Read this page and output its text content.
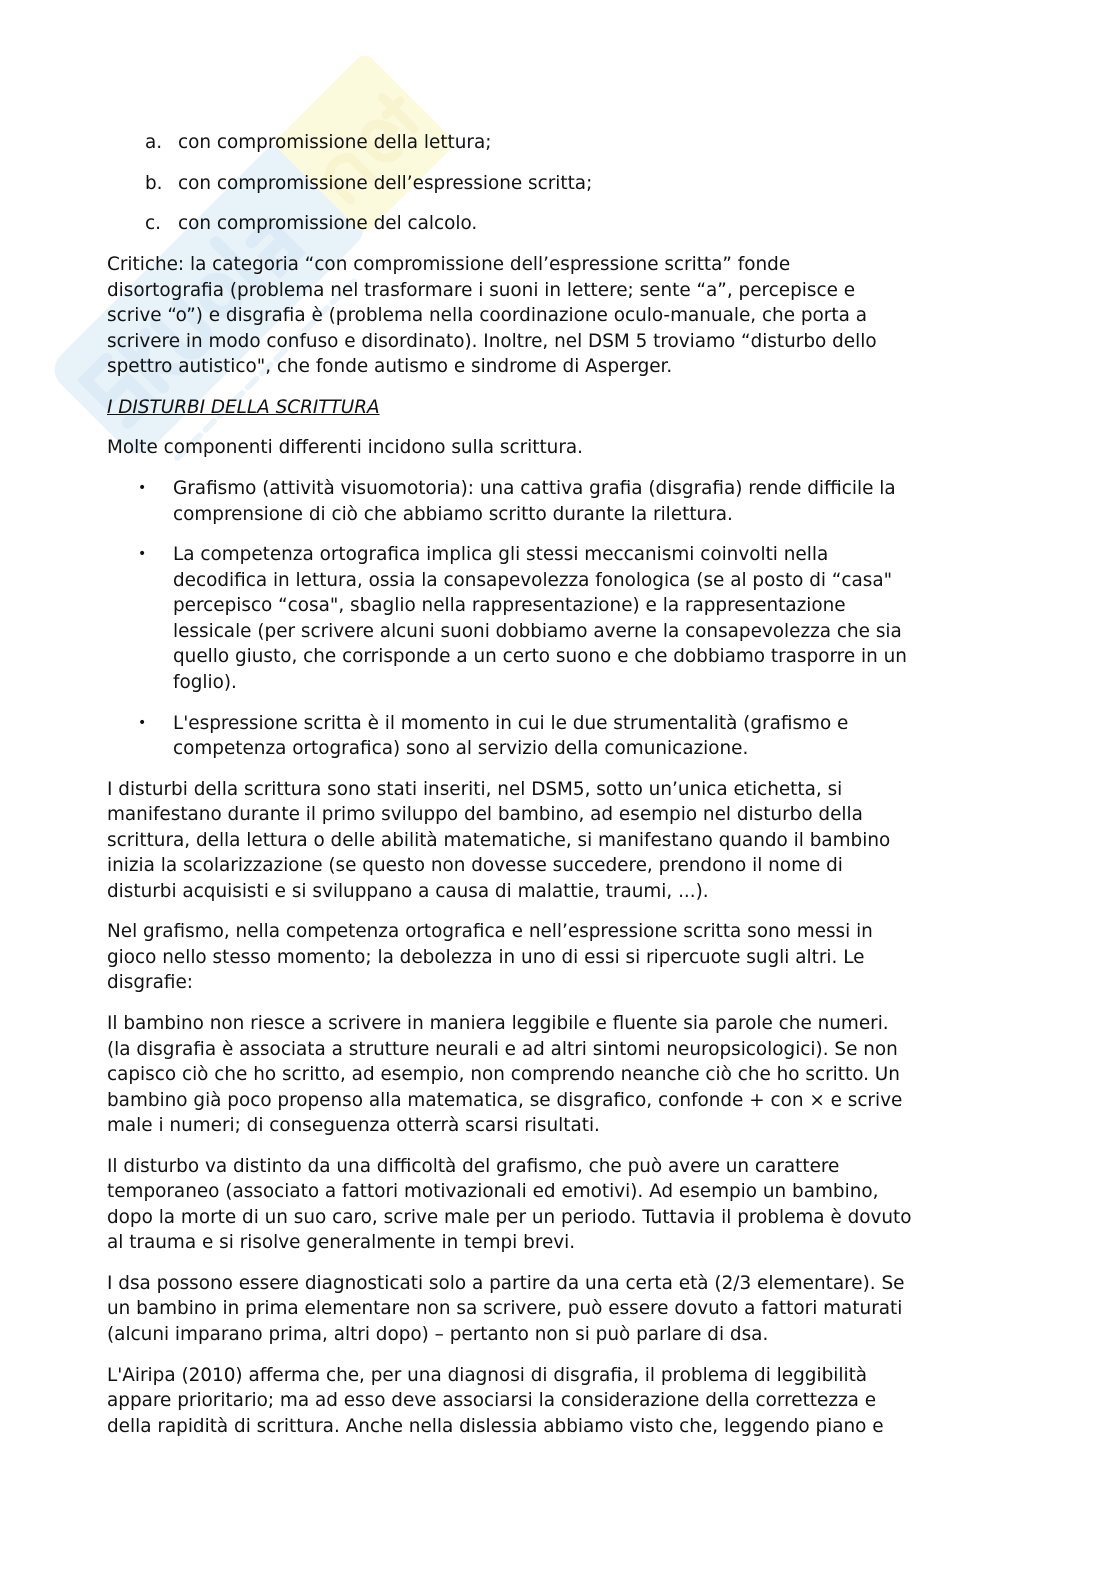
a. con compromissione della lettura;
b. con compromissione dell’espressione scritta;
c. con compromissione del calcolo.
Critiche: la categoria “con compromissione dell’espressione scritta” fonde
disortografia (problema nel trasformare i suoni in lettere; sente “a”, percepisce e
scrive “o”) e disgrafia è (problema nella coordinazione oculo-manuale, che porta a
scrivere in modo confuso e disordinato). Inoltre, nel DSM 5 troviamo “disturbo dello
spettro autistico", che fonde autismo e sindrome di Asperger.
I DISTURBI DELLA SCRITTURA
Molte componenti differenti incidono sulla scrittura.
•	Grafismo (attività visuomotoria): una cattiva grafia (disgrafia) rende difficile la
comprensione di ciò che abbiamo scritto durante la rilettura.
•	La competenza ortografica implica gli stessi meccanismi coinvolti nella
decodifica in lettura, ossia la consapevolezza fonologica (se al posto di “casa"
percepisco “cosa", sbaglio nella rappresentazione) e la rappresentazione
lessicale (per scrivere alcuni suoni dobbiamo averne la consapevolezza che sia
quello giusto, che corrisponde a un certo suono e che dobbiamo trasporre in un
foglio).
•	L'espressione scritta è il momento in cui le due strumentalità (grafismo e
competenza ortografica) sono al servizio della comunicazione.
I disturbi della scrittura sono stati inseriti, nel DSM5, sotto un’unica etichetta, si
manifestano durante il primo sviluppo del bambino, ad esempio nel disturbo della
scrittura, della lettura o delle abilità matematiche, si manifestano quando il bambino
inizia la scolarizzazione (se questo non dovesse succedere, prendono il nome di
disturbi acquisisti e si sviluppano a causa di malattie, traumi, ...).
Nel grafismo, nella competenza ortografica e nell’espressione scritta sono messi in
gioco nello stesso momento; la debolezza in uno di essi si ripercuote sugli altri. Le
disgrafie:
Il bambino non riesce a scrivere in maniera leggibile e fluente sia parole che numeri.
(la disgrafia è associata a strutture neurali e ad altri sintomi neuropsicologici). Se non
capisco ciò che ho scritto, ad esempio, non comprendo neanche ciò che ho scritto. Un
bambino già poco propenso alla matematica, se disgrafico, confonde + con × e scrive
male i numeri; di conseguenza otterrà scarsi risultati.
Il disturbo va distinto da una difficoltà del grafismo, che può avere un carattere
temporaneo (associato a fattori motivazionali ed emotivi). Ad esempio un bambino,
dopo la morte di un suo caro, scrive male per un periodo. Tuttavia il problema è dovuto
al trauma e si risolve generalmente in tempi brevi.
I dsa possono essere diagnosticati solo a partire da una certa età (2/3 elementare). Se
un bambino in prima elementare non sa scrivere, può essere dovuto a fattori maturati
(alcuni imparano prima, altri dopo) – pertanto non si può parlare di dsa.
L'Airipa (2010) afferma che, per una diagnosi di disgrafia, il problema di leggibilità
appare prioritario; ma ad esso deve associarsi la considerazione della correttezza e
della rapidità di scrittura. Anche nella dislessia abbiamo visto che, leggendo piano e
